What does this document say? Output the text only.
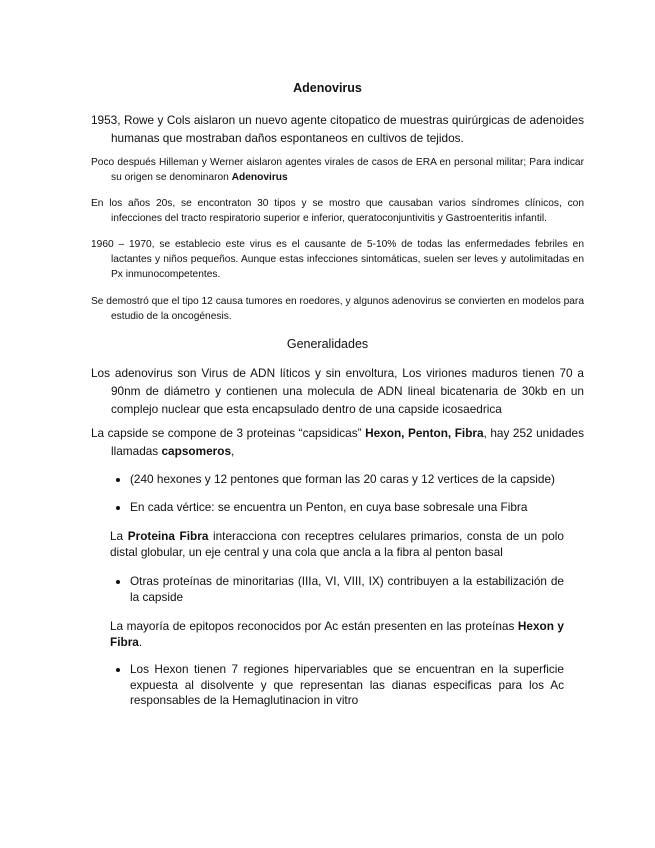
Adenovirus
1953, Rowe y Cols aislaron un nuevo agente citopatico de muestras quirúrgicas de adenoides humanas que mostraban daños espontaneos en cultivos de tejidos.
Poco después Hilleman y Werner aislaron agentes virales de casos de ERA en personal militar; Para indicar su origen se denominaron Adenovirus
En los años 20s, se encontraton 30 tipos y se mostro que causaban varios síndromes clínicos, con infecciones del tracto respiratorio superior e inferior, queratoconjuntivitis y Gastroenteritis infantil.
1960 – 1970, se establecio este virus es el causante de 5-10% de todas las enfermedades febriles en lactantes y niños pequeños. Aunque estas infecciones sintomáticas, suelen ser leves y autolimitadas en Px inmunocompetentes.
Se demostró que el tipo 12 causa tumores en roedores, y algunos adenovirus se convierten en modelos para estudio de la oncogénesis.
Generalidades
Los adenovirus son Virus de ADN líticos y sin envoltura, Los viriones maduros tienen 70 a 90nm de diámetro y contienen una molecula de ADN lineal bicatenaria de 30kb en un complejo nuclear que esta encapsulado dentro de una capside icosaedrica
La capside se compone de 3 proteinas “capsidicas” Hexon, Penton, Fibra, hay 252 unidades llamadas capsomeros,
(240 hexones y 12 pentones que forman las 20 caras y 12 vertices de la capside)
En cada vértice: se encuentra un Penton, en cuya base sobresale una Fibra
La Proteina Fibra interacciona con receptres celulares primarios, consta de un polo distal globular, un eje central y una cola que ancla a la fibra al penton basal
Otras proteínas de minoritarias (IIIa, VI, VIII, IX) contribuyen a la estabilización de la capside
La mayoría de epitopos reconocidos por Ac están presenten en las proteínas Hexon y Fibra.
Los Hexon tienen 7 regiones hipervariables que se encuentran en la superficie expuesta al disolvente y que representan las dianas especificas para los Ac responsables de la Hemaglutinacion in vitro
